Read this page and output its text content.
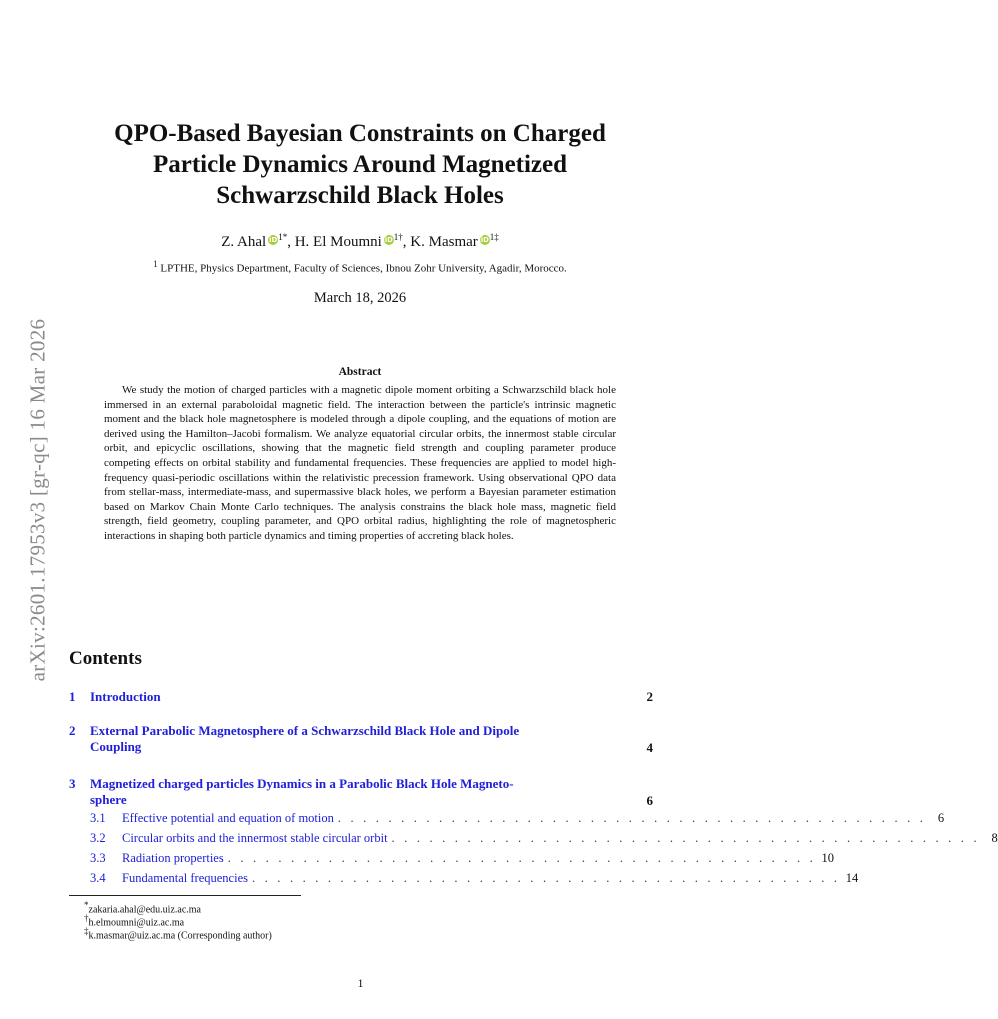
arXiv:2601.17953v3 [gr-qc] 16 Mar 2026
QPO-Based Bayesian Constraints on Charged
Particle Dynamics Around Magnetized
Schwarzschild Black Holes
Z. Ahal $iD^{1*}$, H. El Moumni $iD^{1\dagger}$, K. Masmar $iD^{1\ddagger}$
$^1$ LPTHE, Physics Department, Faculty of Sciences, Ibnou Zohr University, Agadir, Morocco.
March 18, 2026
Abstract
We study the motion of charged particles with a magnetic dipole moment orbiting a Schwarzschild black hole immersed in an external paraboloidal magnetic field. The interaction between the particle's intrinsic magnetic moment and the black hole magnetosphere is modeled through a dipole coupling, and the equations of motion are derived using the Hamilton–Jacobi formalism. We analyze equatorial circular orbits, the innermost stable circular orbit, and epicyclic oscillations, showing that the magnetic field strength and coupling parameter produce competing effects on orbital stability and fundamental frequencies. These frequencies are applied to model high-frequency quasi-periodic oscillations within the relativistic precession framework. Using observational QPO data from stellar-mass, intermediate-mass, and supermassive black holes, we perform a Bayesian parameter estimation based on Markov Chain Monte Carlo techniques. The analysis constrains the black hole mass, magnetic field strength, field geometry, coupling parameter, and QPO orbital radius, highlighting the role of magnetospheric interactions in shaping both particle dynamics and timing properties of accreting black holes.
Contents
1 Introduction	2
2 External Parabolic Magnetosphere of a Schwarzschild Black Hole and Dipole
Coupling	4
3 Magnetized charged particles Dynamics in a Parabolic Black Hole Magneto-
sphere	6
3.1	Effective potential and equation of motion . . . . . . . . . . . . . . . . . . . . . . . . . . . . . . . . . . . . . . . . . . . . . . . 6
3.2	Circular orbits and the innermost stable circular orbit . . . . . . . . . . . . . . . . . . . . . . . . . . . . . . . . . . . . . . . . . . . . . . . 8
3.3	Radiation properties . . . . . . . . . . . . . . . . . . . . . . . . . . . . . . . . . . . . . . . . . . . . . . . 10
3.4	Fundamental frequencies . . . . . . . . . . . . . . . . . . . . . . . . . . . . . . . . . . . . . . . . . . . . . . . 14
*zakaria.ahal@edu.uiz.ac.ma
†h.elmoumni@uiz.ac.ma
‡k.masmar@uiz.ac.ma (Corresponding author)
1
